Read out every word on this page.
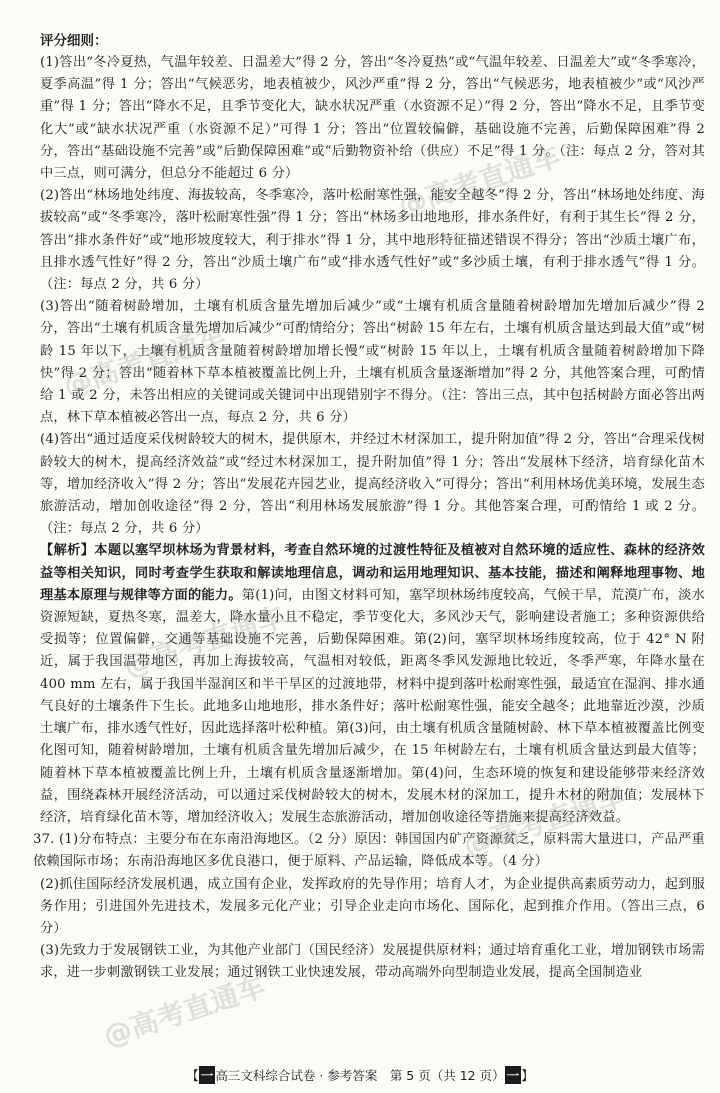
评分细则：

(1)答出“冬冷夏热，气温年较差、日温差大”得 2 分，答出“冬冷夏热”或“气温年较差、日温差大”或“冬季寒冷，夏季高温”得 1 分；答出“气候恶劣，地表植被少，风沙严重”得 2 分，答出“气候恶劣，地表植被少”或“风沙严重”得 1 分；答出“降水不足，且季节变化大，缺水状况严重（水资源不足）”得 2 分，答出“降水不足，且季节变化大”或“缺水状况严重（水资源不足）”可得 1 分；答出“位置较偏僻，基础设施不完善，后勤保障困难”得 2 分，答出“基础设施不完善”或“后勤保障困难”或“后勤物资补给（供应）不足”得 1 分。（注：每点 2 分，答对其中三点，则可满分，但总分不能超过 6 分）

(2)答出“林场地处纬度、海拔较高，冬季寒冷，落叶松耐寒性强，能安全越冬”得 2 分，答出“林场地处纬度、海拔较高”或“冬季寒冷，落叶松耐寒性强”得 1 分；答出“林场多山地地形，排水条件好，有利于其生长”得 2 分，答出“排水条件好”或“地形坡度较大，利于排水”得 1 分，其中地形特征描述错误不得分；答出“沙质土壤广布，且排水透气性好”得 2 分，答出“沙质土壤广布”或“排水透气性好”或“多沙质土壤，有利于排水透气”得 1 分。（注：每点 2 分，共 6 分）

(3)答出“随着树龄增加，土壤有机质含量先增加后减少”或“土壤有机质含量随着树龄增加先增加后减少”得 2 分，答出“土壤有机质含量先增加后减少”可酌情给分；答出“树龄 15 年左右，土壤有机质含量达到最大值”或“树龄 15 年以下，土壤有机质含量随着树龄增加增长慢”或“树龄 15 年以上，土壤有机质含量随着树龄增加下降快”得 2 分；答出“随着林下草本植被覆盖比例上升，土壤有机质含量逐渐增加”得 2 分，其他答案合理，可酌情给 1 或 2 分，未答出相应的关键词或关键词中出现错别字不得分。（注：答出三点，其中包括树龄方面必答出两点，林下草本植被必答出一点，每点 2 分，共 6 分）

(4)答出“通过适度采伐树龄较大的树木，提供原木，并经过木材深加工，提升附加值”得 2 分，答出“合理采伐树龄较大的树木，提高经济效益”或“经过木材深加工，提升附加值”得 1 分；答出“发展林下经济，培育绿化苗木等，增加经济收入”得 2 分；答出“发展花卉园艺业，提高经济收入”可得分；答出“利用林场优美环境，发展生态旅游活动，增加创收途径”得 2 分，答出“利用林场发展旅游”得 1 分。其他答案合理，可酌情给 1 或 2 分。（注：每点 2 分，共 6 分）

【解析】本题以塞罕坝林场为背景材料，考查自然环境的过渡性特征及植被对自然环境的适应性、森林的经济效益等相关知识，同时考查学生获取和解读地理信息，调动和运用地理知识、基本技能，描述和阐释地理事物、地理基本原理与规律等方面的能力。第(1)问，由图文材料可知，塞罕坝林场纬度较高，气候干旱，荒漠广布，淡水资源短缺，夏热冬寒，温差大，降水量小且不稳定，季节变化大，多风沙天气，影响建设者施工；多种资源供给受损等；位置偏僻，交通等基础设施不完善，后勤保障困难。第(2)问，塞罕坝林场纬度较高，位于 42° N 附近，属于我国温带地区，再加上海拔较高，气温相对较低，距离冬季风发源地比较近，冬季严寒，年降水量在 400 mm 左右，属于我国半湿润区和半干旱区的过渡地带，材料中提到落叶松耐寒性强，最适宜在湿润、排水通气良好的土壤条件下生长。此地多山地地形，排水条件好；落叶松耐寒性强，能安全越冬；此地靠近沙漠，沙质土壤广布，排水透气性好，因此选择落叶松种植。第(3)问，由土壤有机质含量随树龄、林下草本植被覆盖比例变化图可知，随着树龄增加，土壤有机质含量先增加后减少，在 15 年树龄左右，土壤有机质含量达到最大值等；随着林下草本植被覆盖比例上升，土壤有机质含量逐渐增加。第(4)问，生态环境的恢复和建设能够带来经济效益，围绕森林开展经济活动，可以通过采伐树龄较大的树木，发展木材的深加工，提升木材的附加值；发展林下经济，培育绿化苗木等，增加经济收入；发展生态旅游活动，增加创收途径等措施来提高经济效益。

37. (1)分布特点：主要分布在东南沿海地区。（2 分）原因：韩国国内矿产资源贫乏，原料需大量进口，产品严重依赖国际市场；东南沿海地区多优良港口，便于原料、产品运输，降低成本等。（4 分）

(2)抓住国际经济发展机遇，成立国有企业，发挥政府的先导作用；培育人才，为企业提供高素质劳动力，起到服务作用；引进国外先进技术，发展多元化产业；引导企业走向市场化、国际化，起到推介作用。（答出三点，6 分）

(3)先致力于发展钢铁工业，为其他产业部门（国民经济）发展提供原材料；通过培育重化工业，增加钢铁市场需求，进一步刺激钢铁工业发展；通过钢铁工业快速发展，带动高端外向型制造业发展，提高全国制造业

@高考直通车
@高考直通车
@高考直通车
@高考直通车
@高考直通车
【 一 高三文科综合试卷 · 参考答案　第 5 页（共 12 页） 一 】
